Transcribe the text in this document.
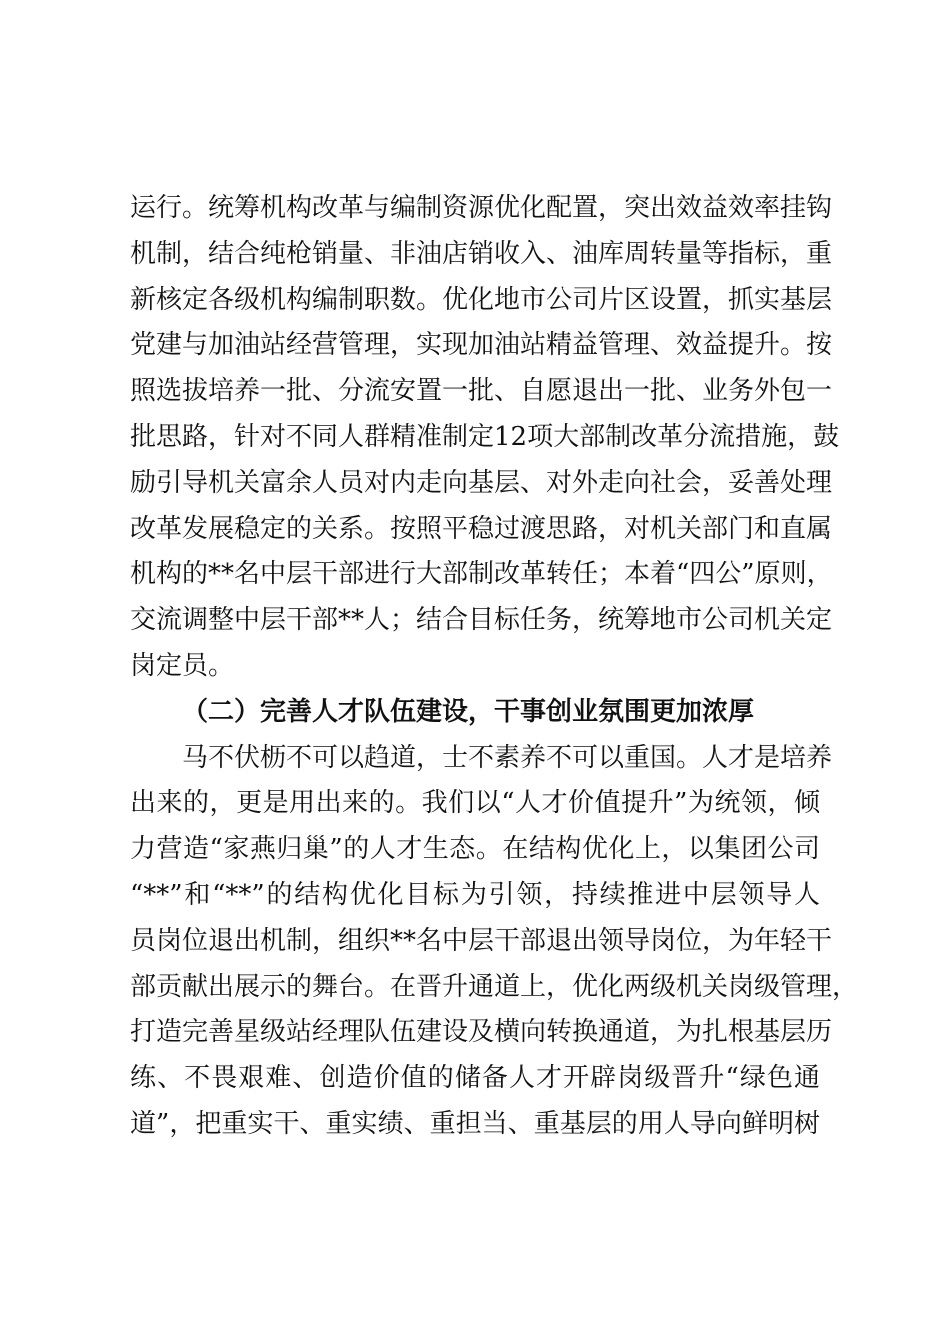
运行。统筹机构改革与编制资源优化配置，突出效益效率挂钩
机制，结合纯枪销量、非油店销收入、油库周转量等指标，重
新核定各级机构编制职数。优化地市公司片区设置，抓实基层
党建与加油站经营管理，实现加油站精益管理、效益提升。按
照选拔培养一批、分流安置一批、自愿退出一批、业务外包一
批思路，针对不同人群精准制定12项大部制改革分流措施，鼓
励引导机关富余人员对内走向基层、对外走向社会，妥善处理
改革发展稳定的关系。按照平稳过渡思路，对机关部门和直属
机构的**名中层干部进行大部制改革转任；本着“四公”原则，
交流调整中层干部**人；结合目标任务，统筹地市公司机关定
岗定员。
（二）完善人才队伍建设，干事创业氛围更加浓厚
马不伏枥不可以趋道，士不素养不可以重国。人才是培养
出来的，更是用出来的。我们以“人才价值提升”为统领，倾
力营造“家燕归巢”的人才生态。在结构优化上，以集团公司
“**”和“**”的结构优化目标为引领，持续推进中层领导人
员岗位退出机制，组织**名中层干部退出领导岗位，为年轻干
部贡献出展示的舞台。在晋升通道上，优化两级机关岗级管理，
打造完善星级站经理队伍建设及横向转换通道，为扎根基层历
练、不畏艰难、创造价值的储备人才开辟岗级晋升“绿色通
道”，把重实干、重实绩、重担当、重基层的用人导向鲜明树
